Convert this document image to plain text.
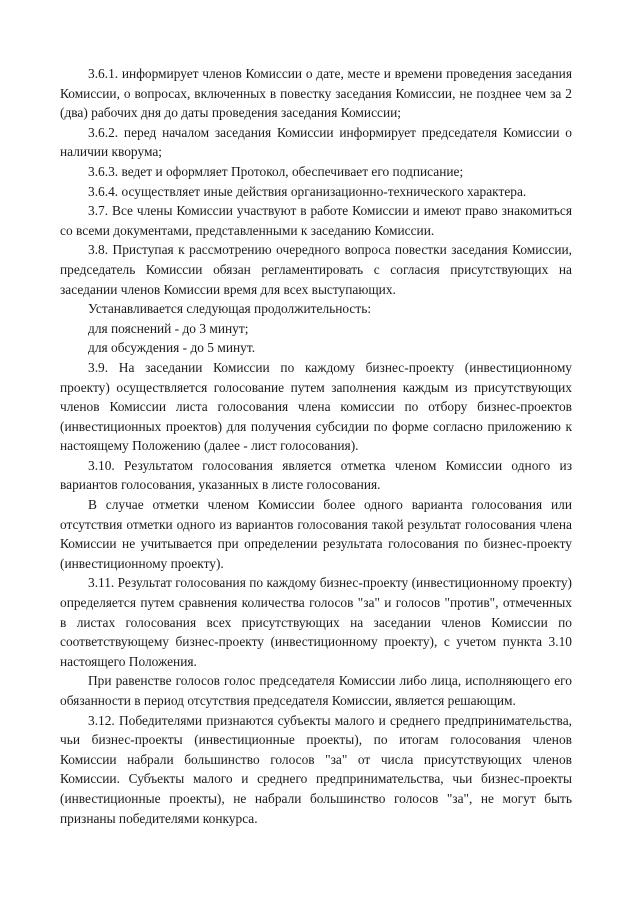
3.6.1. информирует членов Комиссии о дате, месте и времени проведения заседания Комиссии, о вопросах, включенных в повестку заседания Комиссии, не позднее чем за 2 (два) рабочих дня до даты проведения заседания Комиссии;

3.6.2. перед началом заседания Комиссии информирует председателя Комиссии о наличии кворума;

3.6.3. ведет и оформляет Протокол, обеспечивает его подписание;

3.6.4. осуществляет иные действия организационно-технического характера.

3.7. Все члены Комиссии участвуют в работе Комиссии и имеют право знакомиться со всеми документами, представленными к заседанию Комиссии.

3.8. Приступая к рассмотрению очередного вопроса повестки заседания Комиссии, председатель Комиссии обязан регламентировать с согласия присутствующих на заседании членов Комиссии время для всех выступающих.

Устанавливается следующая продолжительность:

для пояснений - до 3 минут;

для обсуждения - до 5 минут.

3.9. На заседании Комиссии по каждому бизнес-проекту (инвестиционному проекту) осуществляется голосование путем заполнения каждым из присутствующих членов Комиссии листа голосования члена комиссии по отбору бизнес-проектов (инвестиционных проектов) для получения субсидии по форме согласно приложению к настоящему Положению (далее - лист голосования).

3.10. Результатом голосования является отметка членом Комиссии одного из вариантов голосования, указанных в листе голосования.

В случае отметки членом Комиссии более одного варианта голосования или отсутствия отметки одного из вариантов голосования такой результат голосования члена Комиссии не учитывается при определении результата голосования по бизнес-проекту (инвестиционному проекту).

3.11. Результат голосования по каждому бизнес-проекту (инвестиционному проекту) определяется путем сравнения количества голосов "за" и голосов "против", отмеченных в листах голосования всех присутствующих на заседании членов Комиссии по соответствующему бизнес-проекту (инвестиционному проекту), с учетом пункта 3.10 настоящего Положения.

При равенстве голосов голос председателя Комиссии либо лица, исполняющего его обязанности в период отсутствия председателя Комиссии, является решающим.

3.12. Победителями признаются субъекты малого и среднего предпринимательства, чьи бизнес-проекты (инвестиционные проекты), по итогам голосования членов Комиссии набрали большинство голосов "за" от числа присутствующих членов Комиссии. Субъекты малого и среднего предпринимательства, чьи бизнес-проекты (инвестиционные проекты), не набрали большинство голосов "за", не могут быть признаны победителями конкурса.
